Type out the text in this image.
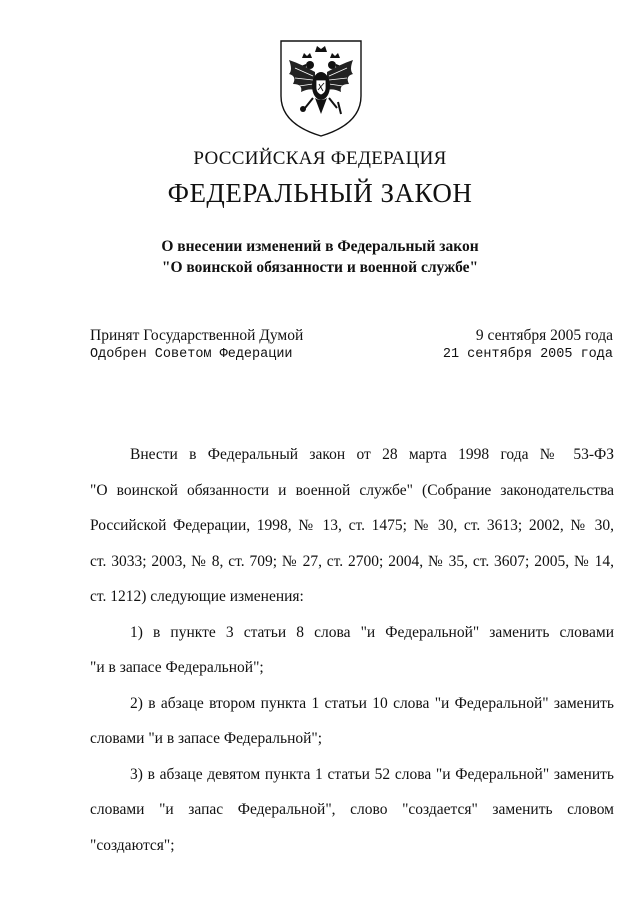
РОССИЙСКАЯ ФЕДЕРАЦИЯ
ФЕДЕРАЛЬНЫЙ ЗАКОН
О внесении изменений в Федеральный закон
"О воинской обязанности и военной службе"
Принят Государственной Думой	9 сентября 2005 года
Одобрен Советом Федерации	21 сентября 2005 года
Внести в Федеральный закон от 28 марта 1998 года № 53-ФЗ
"О воинской обязанности и военной службе" (Собрание законодательства
Российской Федерации, 1998, № 13, ст. 1475; № 30, ст. 3613; 2002, № 30,
ст. 3033; 2003, № 8, ст. 709; № 27, ст. 2700; 2004, № 35, ст. 3607; 2005, № 14,
ст. 1212) следующие изменения:
1) в пункте 3 статьи 8 слова "и Федеральной" заменить словами
"и в запасе Федеральной";
2) в абзаце втором пункта 1 статьи 10 слова "и Федеральной" заменить
словами "и в запасе Федеральной";
3) в абзаце девятом пункта 1 статьи 52 слова "и Федеральной" заменить
словами "и запас Федеральной", слово "создается" заменить словом
"создаются";
